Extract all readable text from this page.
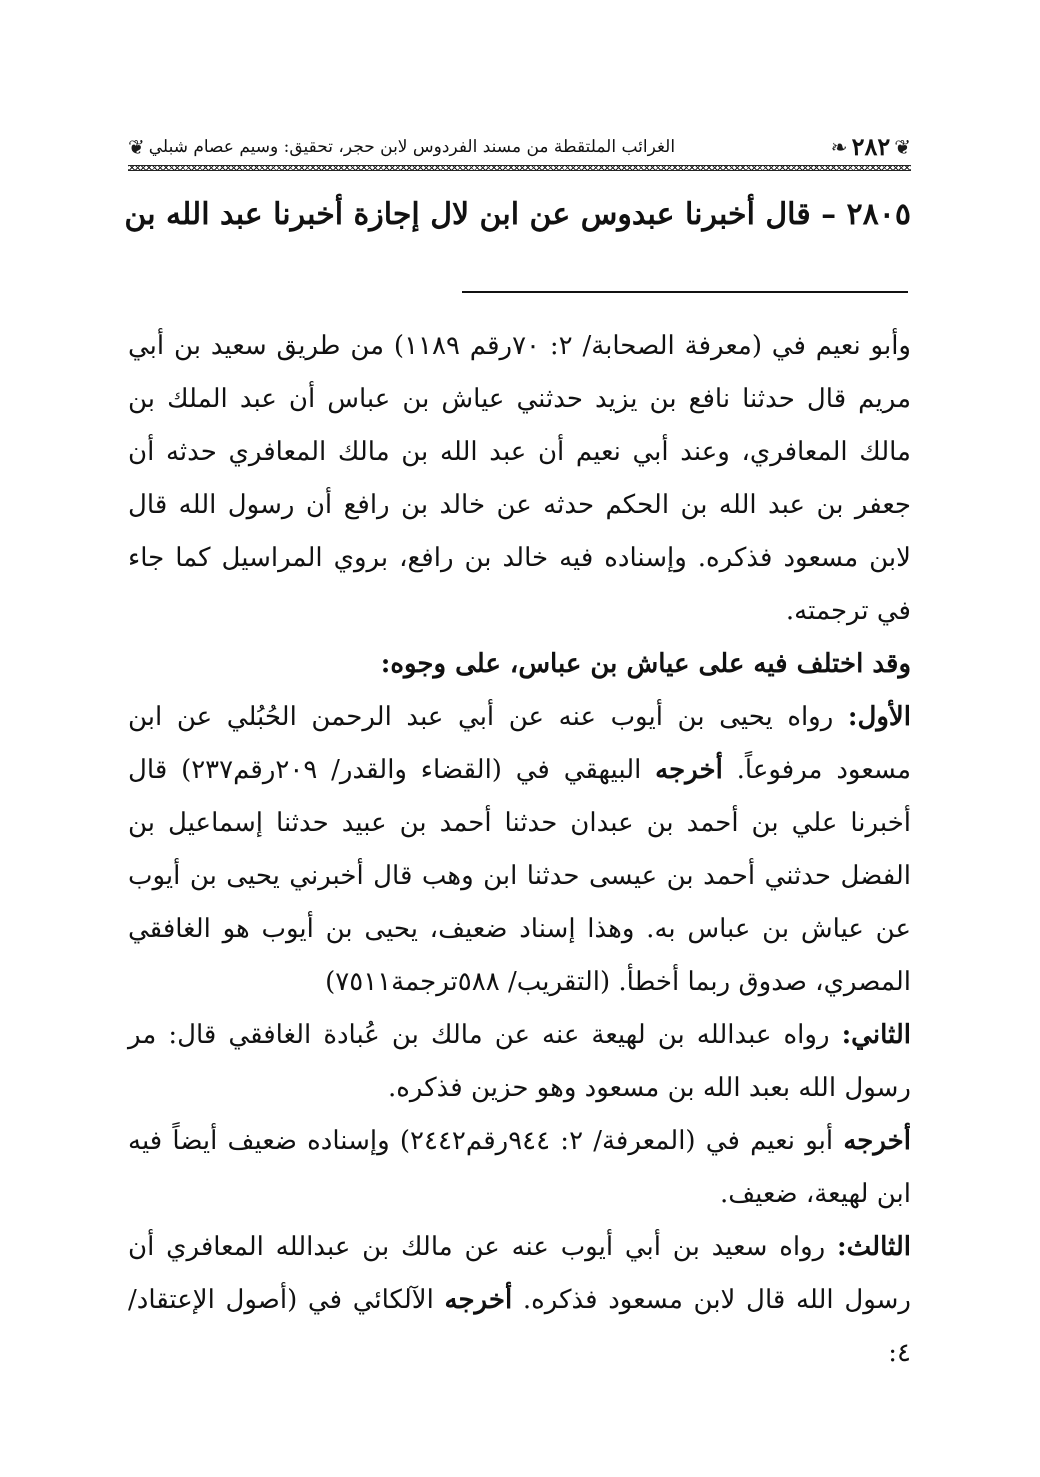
❦
٢٨٢
❧
الغرائب الملتقطة من مسند الفردوس لابن حجر، تحقيق: وسيم عصام شبلي
❦
٢٨٠٥ – قال أخبرنا عبدوس عن ابن لال إجازة أخبرنا عبد الله بن

وأبو نعيم في (معرفة الصحابة/ ٢: ٧٠رقم ١١٨٩) من طريق سعيد بن أبي مريم قال حدثنا نافع بن يزيد حدثني عياش بن عباس أن عبد الملك بن مالك المعافري، وعند أبي نعيم أن عبد الله بن مالك المعافري حدثه أن جعفر بن عبد الله بن الحكم حدثه عن خالد بن رافع أن رسول الله قال لابن مسعود فذكره. وإسناده فيه خالد بن رافع، بروي المراسيل كما جاء في ترجمته.

وقد اختلف فيه على عياش بن عباس، على وجوه:

الأول: رواه يحيى بن أيوب عنه عن أبي عبد الرحمن الحُبُلي عن ابن مسعود مرفوعاً. أخرجه البيهقي في (القضاء والقدر/ ٢٠٩رقم٢٣٧) قال أخبرنا علي بن أحمد بن عبدان حدثنا أحمد بن عبيد حدثنا إسماعيل بن الفضل حدثني أحمد بن عيسى حدثنا ابن وهب قال أخبرني يحيى بن أيوب عن عياش بن عباس به. وهذا إسناد ضعيف، يحيى بن أيوب هو الغافقي المصري، صدوق ربما أخطأ. (التقريب/ ٥٨٨ترجمة٧٥١١)

الثاني: رواه عبدالله بن لهيعة عنه عن مالك بن عُبادة الغافقي قال: مر رسول الله بعبد الله بن مسعود وهو حزين فذكره.

أخرجه أبو نعيم في (المعرفة/ ٢: ٩٤٤رقم٢٤٤٢) وإسناده ضعيف أيضاً فيه ابن لهيعة، ضعيف.

الثالث: رواه سعيد بن أبي أيوب عنه عن مالك بن عبدالله المعافري أن رسول الله قال لابن مسعود فذكره. أخرجه الآلكائي في (أصول الإعتقاد/ ٤:
